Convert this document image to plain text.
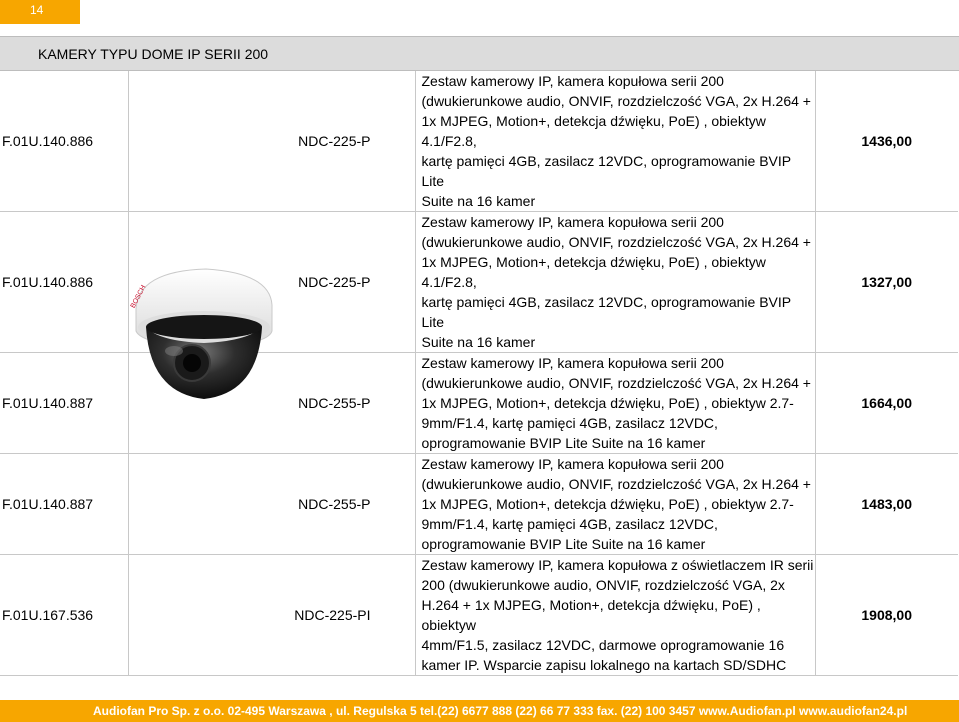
14
KAMERY TYPU DOME IP SERII 200
F.01U.140.886	NDC-225-P	Zestaw kamerowy IP, kamera kopułowa serii 200
(dwukierunkowe audio, ONVIF, rozdzielczość VGA, 2x H.264 +
1x MJPEG, Motion+, detekcja dźwięku, PoE) , obiektyw 4.1/F2.8,
kartę pamięci 4GB, zasilacz 12VDC, oprogramowanie BVIP Lite
Suite na 16 kamer	1436,00
F.01U.140.886	NDC-225-P	Zestaw kamerowy IP, kamera kopułowa serii 200
(dwukierunkowe audio, ONVIF, rozdzielczość VGA, 2x H.264 +
1x MJPEG, Motion+, detekcja dźwięku, PoE) , obiektyw 4.1/F2.8,
kartę pamięci 4GB, zasilacz 12VDC, oprogramowanie BVIP Lite
Suite na 16 kamer	1327,00
F.01U.140.887	NDC-255-P	Zestaw kamerowy IP, kamera kopułowa serii 200
(dwukierunkowe audio, ONVIF, rozdzielczość VGA, 2x H.264 +
1x MJPEG, Motion+, detekcja dźwięku, PoE) , obiektyw 2.7-
9mm/F1.4, kartę pamięci 4GB, zasilacz 12VDC,
oprogramowanie BVIP Lite Suite na 16 kamer	1664,00
F.01U.140.887	NDC-255-P	Zestaw kamerowy IP, kamera kopułowa serii 200
(dwukierunkowe audio, ONVIF, rozdzielczość VGA, 2x H.264 +
1x MJPEG, Motion+, detekcja dźwięku, PoE) , obiektyw 2.7-
9mm/F1.4, kartę pamięci 4GB, zasilacz 12VDC,
oprogramowanie BVIP Lite Suite na 16 kamer	1483,00
F.01U.167.536	NDC-225-PI	Zestaw kamerowy IP, kamera kopułowa z oświetlaczem IR serii
200 (dwukierunkowe audio, ONVIF, rozdzielczość VGA, 2x
H.264 + 1x MJPEG, Motion+, detekcja dźwięku, PoE) , obiektyw
4mm/F1.5, zasilacz 12VDC, darmowe oprogramowanie 16
kamer IP. Wsparcie zapisu lokalnego na kartach SD/SDHC	1908,00
BOSCH
Audiofan Pro Sp. z o.o. 02-495 Warszawa , ul. Regulska 5 tel.(22) 6677 888 (22) 66 77 333 fax. (22) 100 3457 www.Audiofan.pl www.audiofan24.pl
